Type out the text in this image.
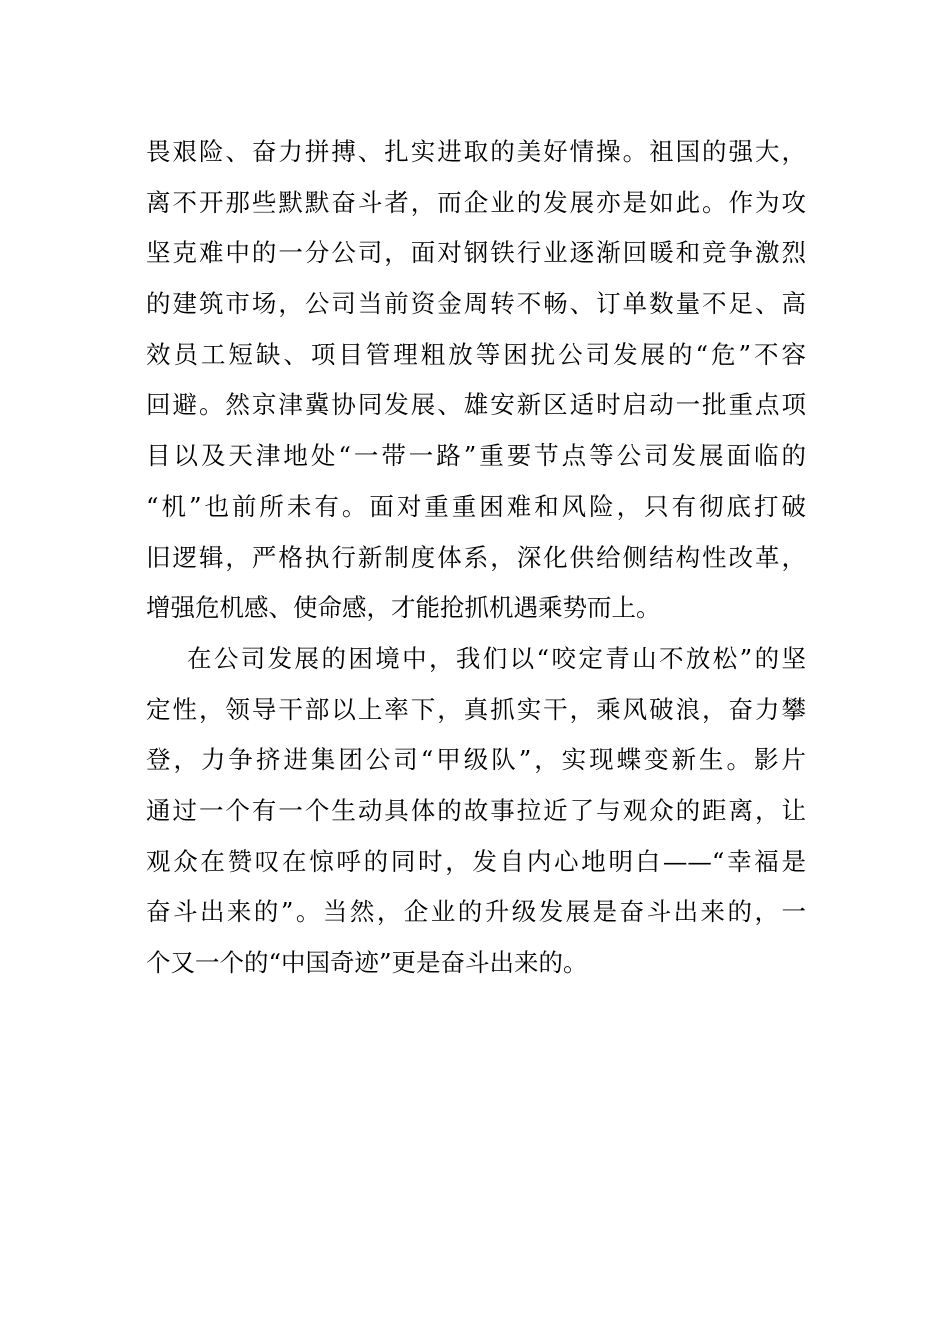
畏艰险、奋力拼搏、扎实进取的美好情操。祖国的强大，
离不开那些默默奋斗者，而企业的发展亦是如此。作为攻
坚克难中的一分公司，面对钢铁行业逐渐回暖和竞争激烈
的建筑市场，公司当前资金周转不畅、订单数量不足、高
效员工短缺、项目管理粗放等困扰公司发展的“危”不容
回避。然京津冀协同发展、雄安新区适时启动一批重点项
目以及天津地处“一带一路”重要节点等公司发展面临的
“机”也前所未有。面对重重困难和风险，只有彻底打破
旧逻辑，严格执行新制度体系，深化供给侧结构性改革，
增强危机感、使命感，才能抢抓机遇乘势而上。
在公司发展的困境中，我们以“咬定青山不放松”的坚
定性，领导干部以上率下，真抓实干，乘风破浪，奋力攀
登，力争挤进集团公司“甲级队”，实现蝶变新生。影片
通过一个有一个生动具体的故事拉近了与观众的距离，让
观众在赞叹在惊呼的同时，发自内心地明白——“幸福是
奋斗出来的”。当然，企业的升级发展是奋斗出来的，一
个又一个的“中国奇迹”更是奋斗出来的。
